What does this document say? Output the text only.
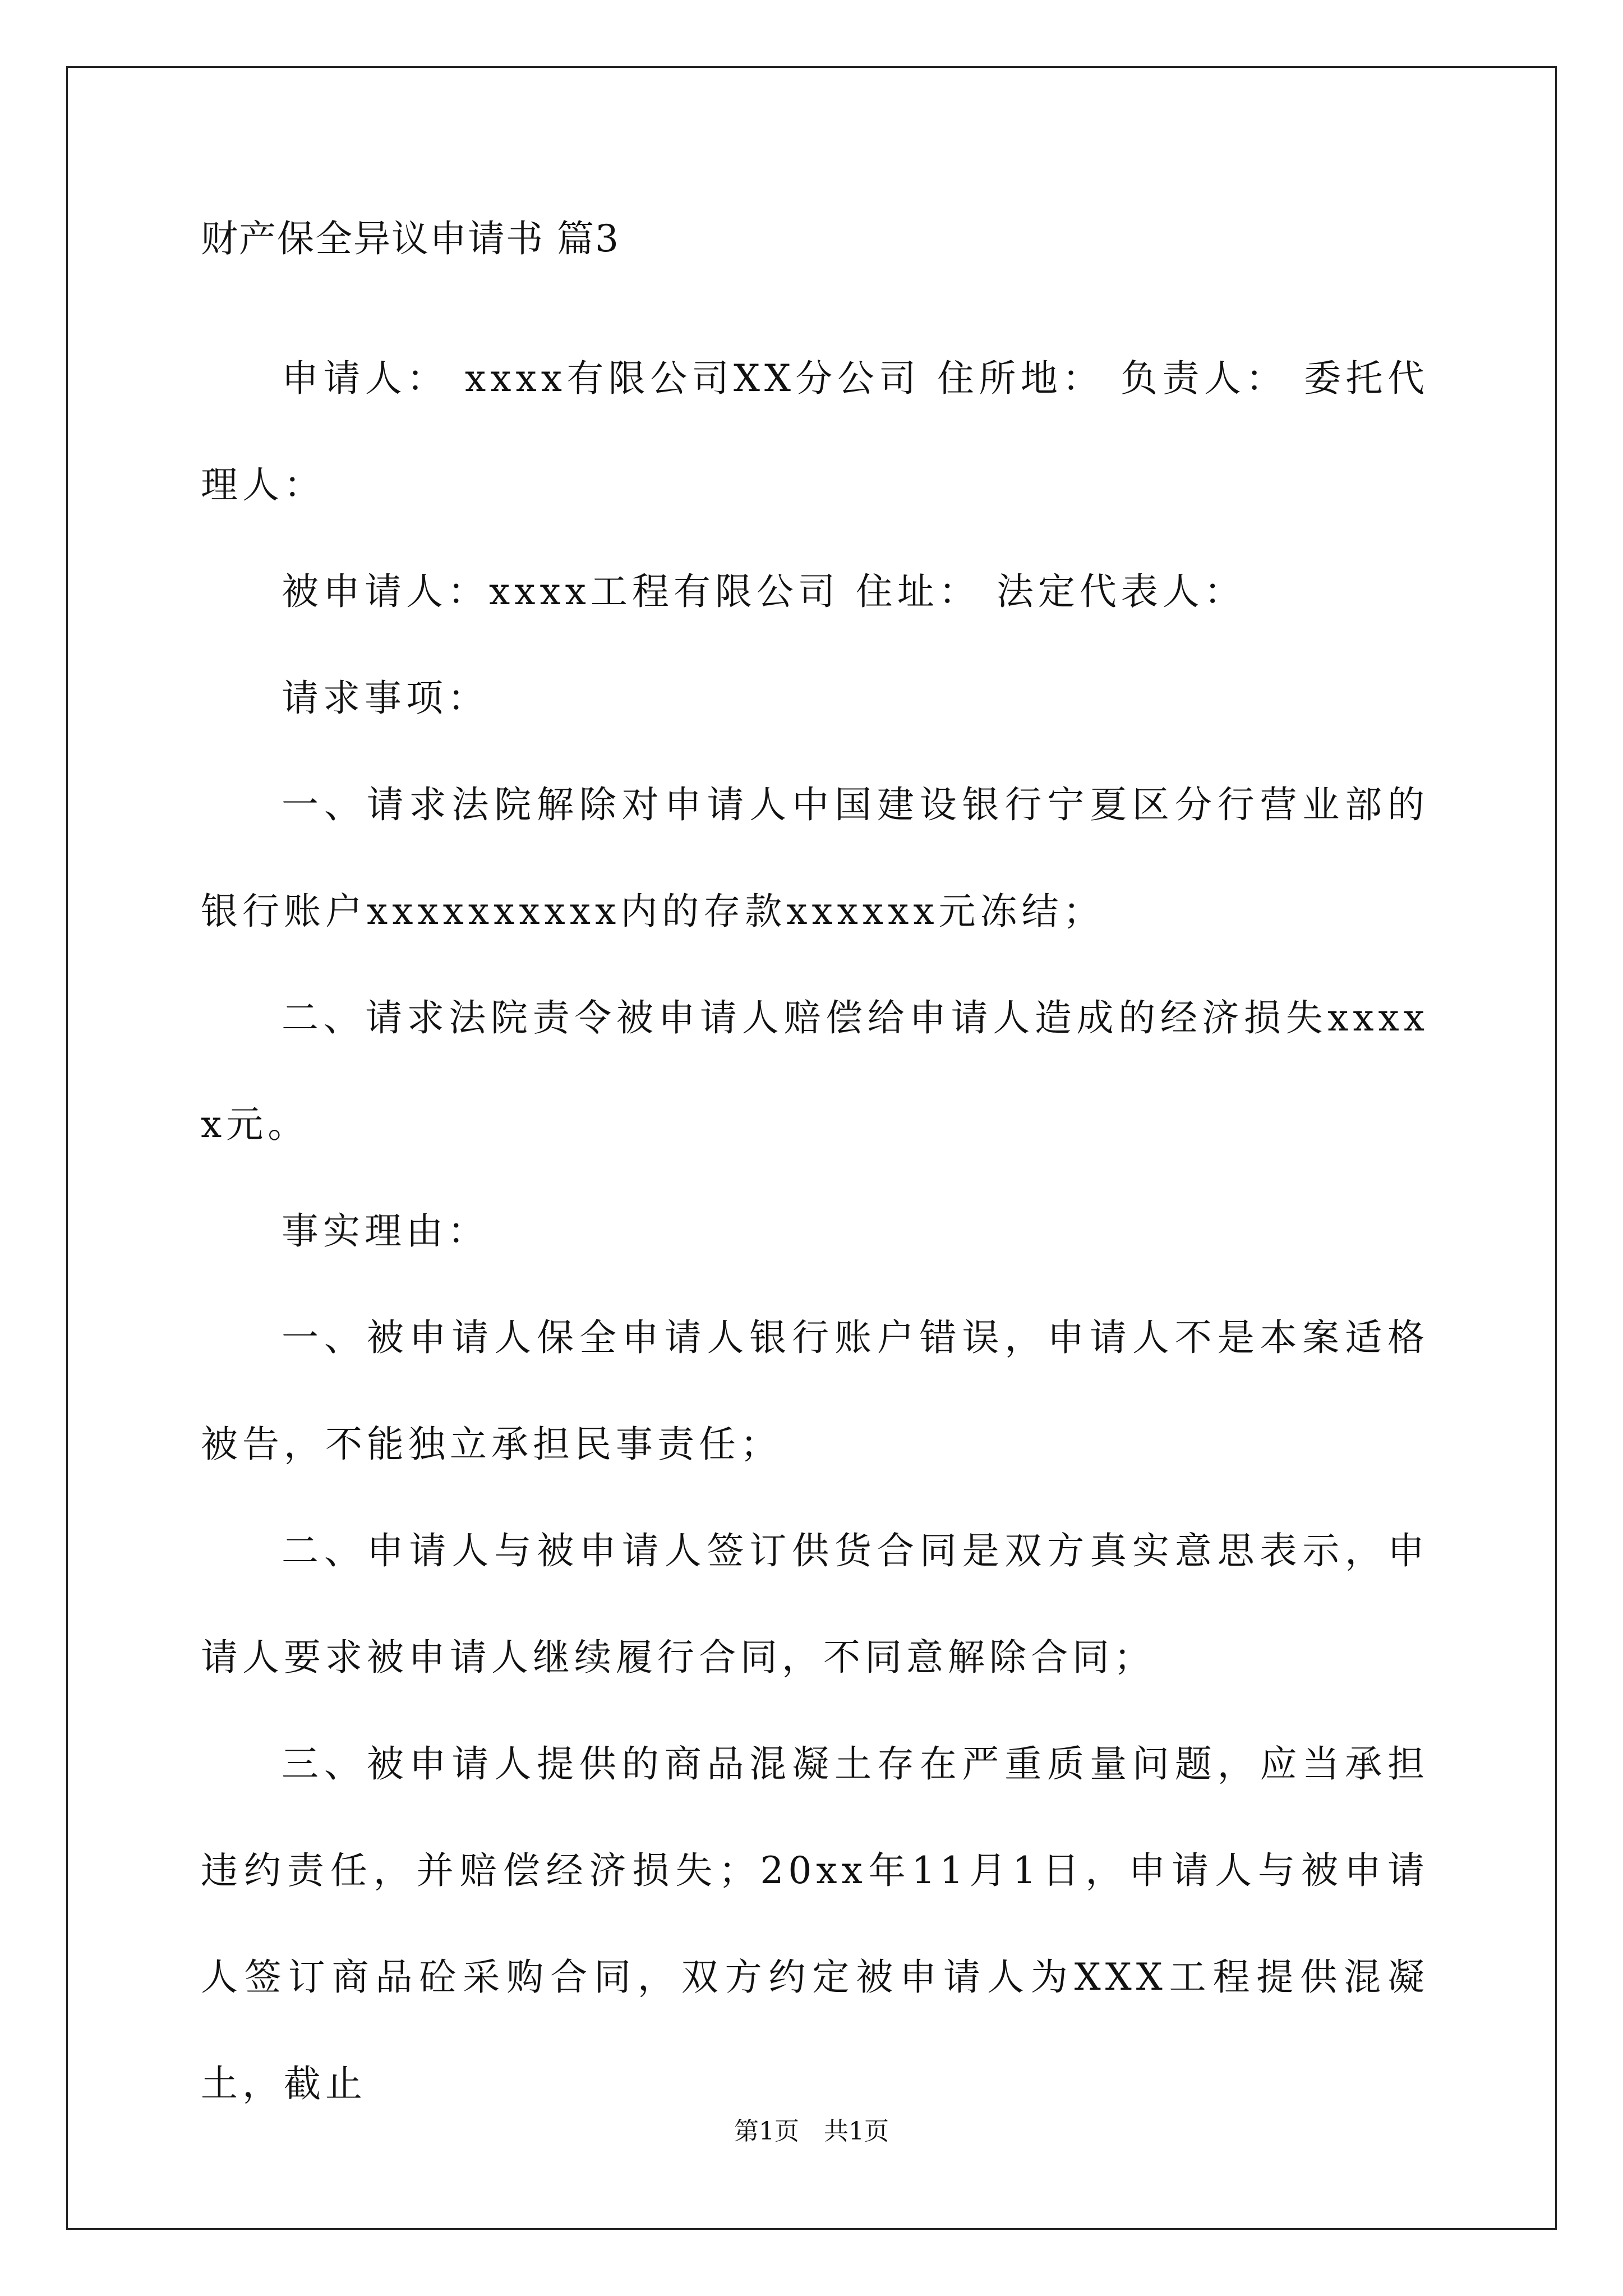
财产保全异议申请书 篇3

申请人： xxxx有限公司XX分公司 住所地： 负责人： 委托代理人：

被申请人：xxxx工程有限公司 住址： 法定代表人：

请求事项：

一、请求法院解除对申请人中国建设银行宁夏区分行营业部的银行账户xxxxxxxxxx内的存款xxxxxx元冻结；

二、请求法院责令被申请人赔偿给申请人造成的经济损失xxxxx元。

事实理由：

一、被申请人保全申请人银行账户错误，申请人不是本案适格被告，不能独立承担民事责任；

二、申请人与被申请人签订供货合同是双方真实意思表示，申请人要求被申请人继续履行合同，不同意解除合同；

三、被申请人提供的商品混凝土存在严重质量问题，应当承担违约责任，并赔偿经济损失；20xx年11月1日，申请人与被申请人签订商品砼采购合同，双方约定被申请人为XXX工程提供混凝土，截止

第1页　共1页
